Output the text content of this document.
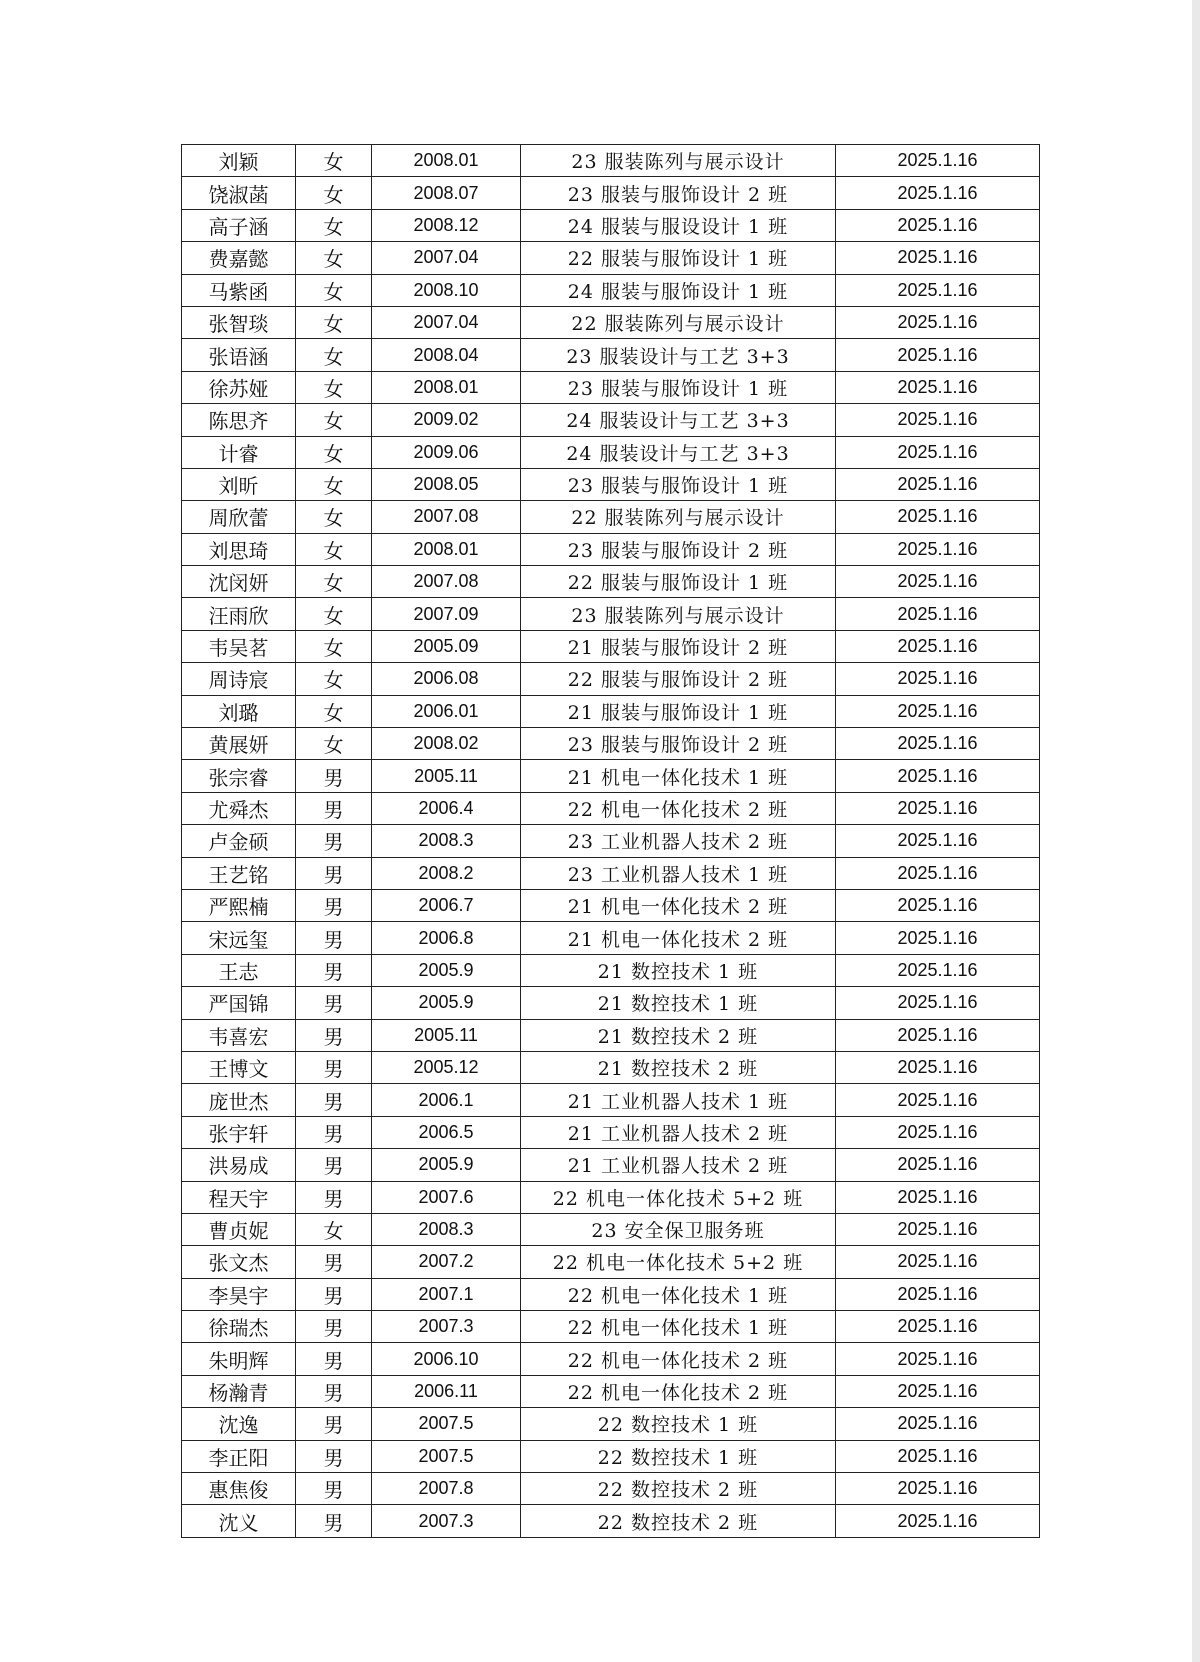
刘颖	女	2008.01	23 服装陈列与展示设计	2025.1.16
饶淑菡	女	2008.07	23 服装与服饰设计 2 班	2025.1.16
高子涵	女	2008.12	24 服装与服设设计 1 班	2025.1.16
费嘉懿	女	2007.04	22 服装与服饰设计 1 班	2025.1.16
马紫函	女	2008.10	24 服装与服饰设计 1 班	2025.1.16
张智琰	女	2007.04	22 服装陈列与展示设计	2025.1.16
张语涵	女	2008.04	23 服装设计与工艺 3+3	2025.1.16
徐苏娅	女	2008.01	23 服装与服饰设计 1 班	2025.1.16
陈思齐	女	2009.02	24 服装设计与工艺 3+3	2025.1.16
计睿	女	2009.06	24 服装设计与工艺 3+3	2025.1.16
刘昕	女	2008.05	23 服装与服饰设计 1 班	2025.1.16
周欣蕾	女	2007.08	22 服装陈列与展示设计	2025.1.16
刘思琦	女	2008.01	23 服装与服饰设计 2 班	2025.1.16
沈闵妍	女	2007.08	22 服装与服饰设计 1 班	2025.1.16
汪雨欣	女	2007.09	23 服装陈列与展示设计	2025.1.16
韦吴茗	女	2005.09	21 服装与服饰设计 2 班	2025.1.16
周诗宸	女	2006.08	22 服装与服饰设计 2 班	2025.1.16
刘璐	女	2006.01	21 服装与服饰设计 1 班	2025.1.16
黄展妍	女	2008.02	23 服装与服饰设计 2 班	2025.1.16
张宗睿	男	2005.11	21 机电一体化技术 1 班	2025.1.16
尤舜杰	男	2006.4	22 机电一体化技术 2 班	2025.1.16
卢金硕	男	2008.3	23 工业机器人技术 2 班	2025.1.16
王艺铭	男	2008.2	23 工业机器人技术 1 班	2025.1.16
严熙楠	男	2006.7	21 机电一体化技术 2 班	2025.1.16
宋远玺	男	2006.8	21 机电一体化技术 2 班	2025.1.16
王志	男	2005.9	21 数控技术 1 班	2025.1.16
严国锦	男	2005.9	21 数控技术 1 班	2025.1.16
韦喜宏	男	2005.11	21 数控技术 2 班	2025.1.16
王博文	男	2005.12	21 数控技术 2 班	2025.1.16
庞世杰	男	2006.1	21 工业机器人技术 1 班	2025.1.16
张宇轩	男	2006.5	21 工业机器人技术 2 班	2025.1.16
洪易成	男	2005.9	21 工业机器人技术 2 班	2025.1.16
程天宇	男	2007.6	22 机电一体化技术 5+2 班	2025.1.16
曹贞妮	女	2008.3	23 安全保卫服务班	2025.1.16
张文杰	男	2007.2	22 机电一体化技术 5+2 班	2025.1.16
李昊宇	男	2007.1	22 机电一体化技术 1 班	2025.1.16
徐瑞杰	男	2007.3	22 机电一体化技术 1 班	2025.1.16
朱明辉	男	2006.10	22 机电一体化技术 2 班	2025.1.16
杨瀚青	男	2006.11	22 机电一体化技术 2 班	2025.1.16
沈逸	男	2007.5	22 数控技术 1 班	2025.1.16
李正阳	男	2007.5	22 数控技术 1 班	2025.1.16
惠焦俊	男	2007.8	22 数控技术 2 班	2025.1.16
沈义	男	2007.3	22 数控技术 2 班	2025.1.16
